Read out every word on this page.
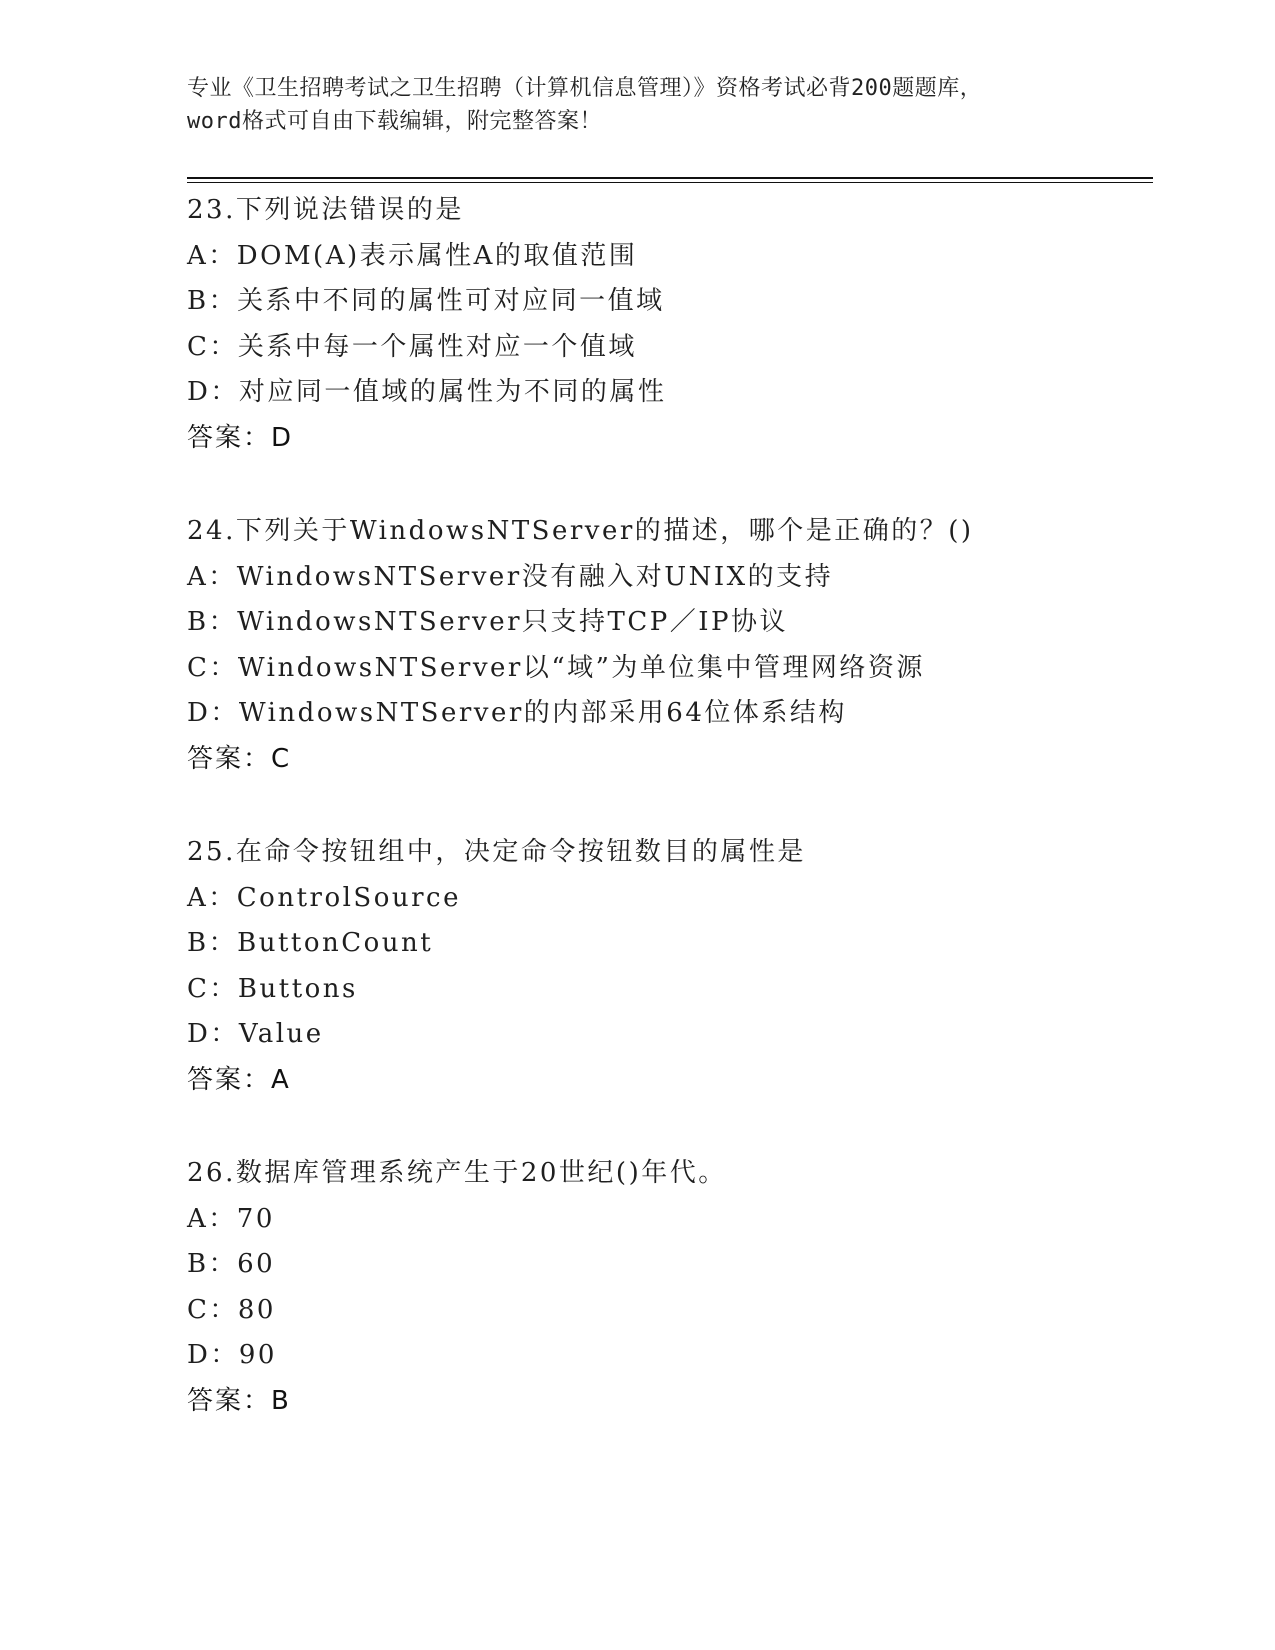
专业《卫生招聘考试之卫生招聘（计算机信息管理）》资格考试必背200题题库，

word格式可自由下载编辑，附完整答案！

23.下列说法错误的是
A：DOM(A)表示属性A的取值范围
B：关系中不同的属性可对应同一值域
C：关系中每一个属性对应一个值域
D：对应同一值域的属性为不同的属性
答案：D
24.下列关于WindowsNTServer的描述，哪个是正确的？()
A：WindowsNTServer没有融入对UNIX的支持
B：WindowsNTServer只支持TCP／IP协议
C：WindowsNTServer以“域”为单位集中管理网络资源
D：WindowsNTServer的内部采用64位体系结构
答案：C
25.在命令按钮组中，决定命令按钮数目的属性是
A：ControlSource
B：ButtonCount
C：Buttons
D：Value
答案：A
26.数据库管理系统产生于20世纪()年代。
A：70
B：60
C：80
D：90
答案：B
